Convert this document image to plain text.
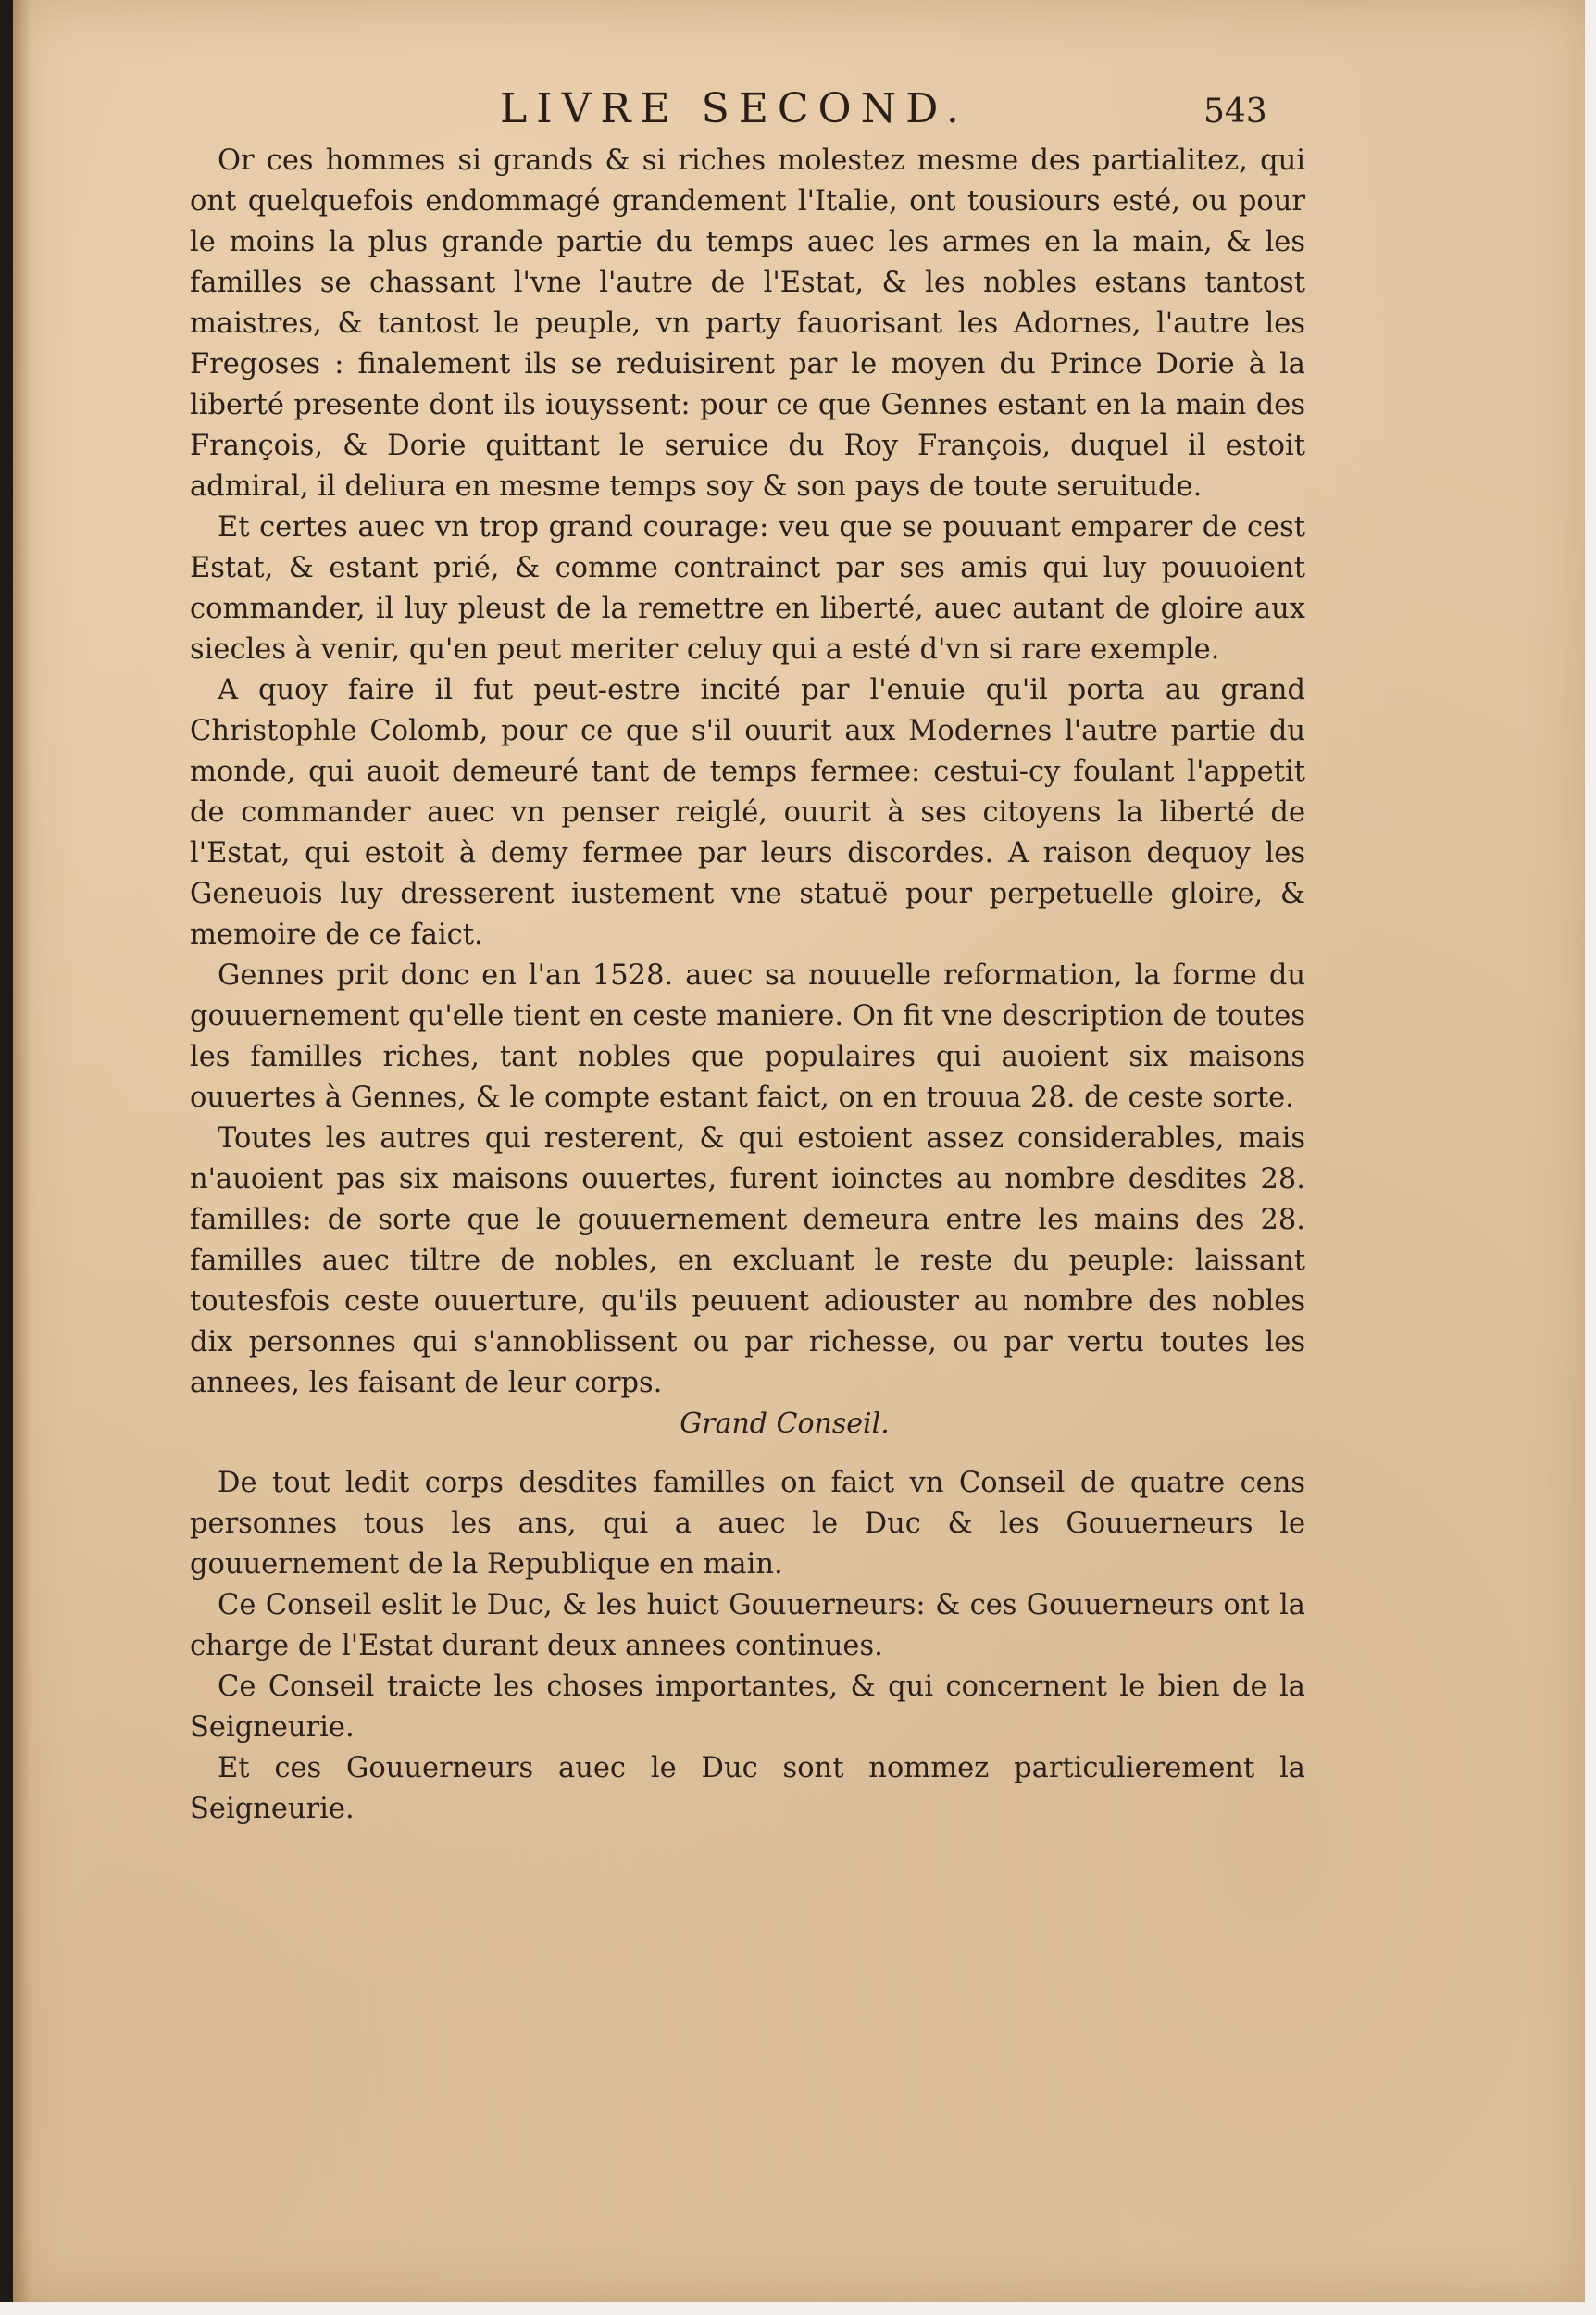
LIVRE SECOND.	543

Or ces hommes si grands & si riches molestez mesme des partialitez, qui ont quelquefois endommagé grandement l'Italie, ont tousiours esté, ou pour le moins la plus grande partie du temps auec les armes en la main, & les familles se chassant l'vne l'autre de l'Estat, & les nobles estans tantost maistres, & tantost le peuple, vn party fauorisant les Adornes, l'autre les Fregoses : finalement ils se reduisirent par le moyen du Prince Dorie à la liberté presente dont ils iouyssent: pour ce que Gennes estant en la main des François, & Dorie quittant le seruice du Roy François, duquel il estoit admiral, il deliura en mesme temps soy & son pays de toute seruitude.

Et certes auec vn trop grand courage: veu que se pouuant emparer de cest Estat, & estant prié, & comme contrainct par ses amis qui luy pouuoient commander, il luy pleust de la remettre en liberté, auec autant de gloire aux siecles à venir, qu'en peut meriter celuy qui a esté d'vn si rare exemple.

A quoy faire il fut peut-estre incité par l'enuie qu'il porta au grand Christophle Colomb, pour ce que s'il ouurit aux Modernes l'autre partie du monde, qui auoit demeuré tant de temps fermee: cestui-cy foulant l'appetit de commander auec vn penser reiglé, ouurit à ses citoyens la liberté de l'Estat, qui estoit à demy fermee par leurs discordes. A raison dequoy les Geneuois luy dresserent iustement vne statuë pour perpetuelle gloire, & memoire de ce faict.

Gennes prit donc en l'an 1528. auec sa nouuelle reformation, la forme du gouuernement qu'elle tient en ceste maniere. On fit vne description de toutes les familles riches, tant nobles que populaires qui auoient six maisons ouuertes à Gennes, & le compte estant faict, on en trouua 28. de ceste sorte.

Toutes les autres qui resterent, & qui estoient assez considerables, mais n'auoient pas six maisons ouuertes, furent ioinctes au nombre desdites 28. familles: de sorte que le gouuernement demeura entre les mains des 28. familles auec tiltre de nobles, en excluant le reste du peuple: laissant toutesfois ceste ouuerture, qu'ils peuuent adiouster au nombre des nobles dix personnes qui s'annoblissent ou par richesse, ou par vertu toutes les annees, les faisant de leur corps.

Grand Conseil.

De tout ledit corps desdites familles on faict vn Conseil de quatre cens personnes tous les ans, qui a auec le Duc & les Gouuerneurs le gouuernement de la Republique en main.

Ce Conseil eslit le Duc, & les huict Gouuerneurs: & ces Gouuerneurs ont la charge de l'Estat durant deux annees continues.

Ce Conseil traicte les choses importantes, & qui concernent le bien de la Seigneurie.

Et ces Gouuerneurs auec le Duc sont nommez particulierement la Seigneurie.
